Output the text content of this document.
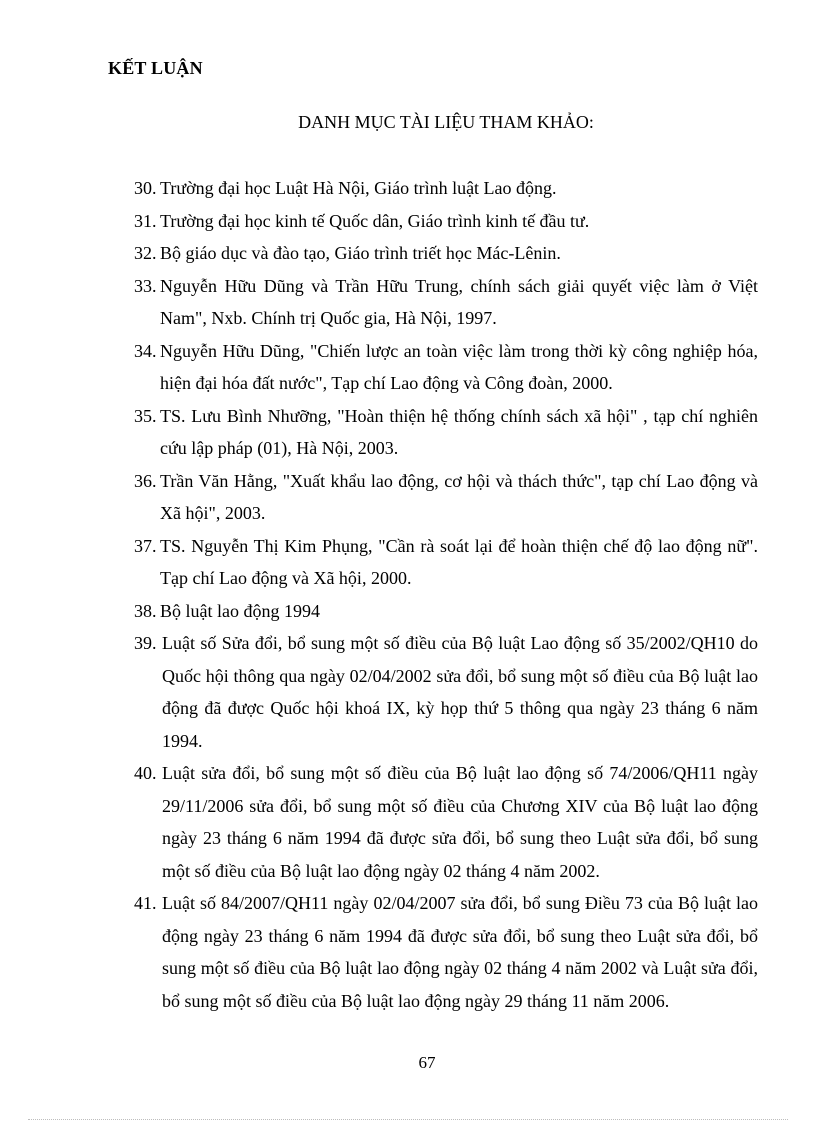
KẾT LUẬN
DANH MỤC TÀI LIỆU THAM KHẢO:
30. Trường đại học Luật Hà Nội, Giáo trình luật Lao động.
31. Trường đại học kinh tế Quốc dân, Giáo trình kinh tế đầu tư.
32. Bộ giáo dục và đào tạo, Giáo trình triết học Mác-Lênin.
33. Nguyễn Hữu Dũng và Trần Hữu Trung, chính sách giải quyết việc làm ở Việt Nam", Nxb. Chính trị Quốc gia, Hà Nội, 1997.
34. Nguyễn Hữu Dũng, "Chiến lược an toàn việc làm trong thời kỳ công nghiệp hóa, hiện đại hóa đất nước", Tạp chí Lao động và Công đoàn, 2000.
35. TS. Lưu Bình Nhưỡng, "Hoàn thiện hệ thống chính sách xã hội" , tạp chí nghiên cứu lập pháp (01), Hà Nội, 2003.
36. Trần Văn Hằng, "Xuất khẩu lao động, cơ hội và thách thức", tạp chí Lao động và Xã hội", 2003.
37. TS. Nguyễn Thị Kim Phụng, "Cần rà soát lại để hoàn thiện chế độ lao động nữ". Tạp chí Lao động và Xã hội, 2000.
38. Bộ luật lao động 1994
39. Luật số Sửa đổi, bổ sung một số điều của Bộ luật Lao động số 35/2002/QH10 do Quốc hội thông qua ngày 02/04/2002 sửa đổi, bổ sung một số điều của Bộ luật lao động đã được Quốc hội khoá IX, kỳ họp thứ 5 thông qua ngày 23 tháng 6 năm 1994.
40. Luật sửa đổi, bổ sung một số điều của Bộ luật lao động số 74/2006/QH11 ngày 29/11/2006 sửa đổi, bổ sung một số điều của Chương XIV của Bộ luật lao động ngày 23 tháng 6 năm 1994 đã được sửa đổi, bổ sung theo Luật sửa đổi, bổ sung một số điều của Bộ luật lao động ngày 02 tháng 4 năm 2002.
41. Luật số 84/2007/QH11 ngày 02/04/2007 sửa đổi, bổ sung Điều 73 của Bộ luật lao động ngày 23 tháng 6 năm 1994 đã được sửa đổi, bổ sung theo Luật sửa đổi, bổ sung một số điều của Bộ luật lao động ngày 02 tháng 4 năm 2002 và Luật sửa đổi, bổ sung một số điều của Bộ luật lao động ngày 29 tháng 11 năm 2006.
67
